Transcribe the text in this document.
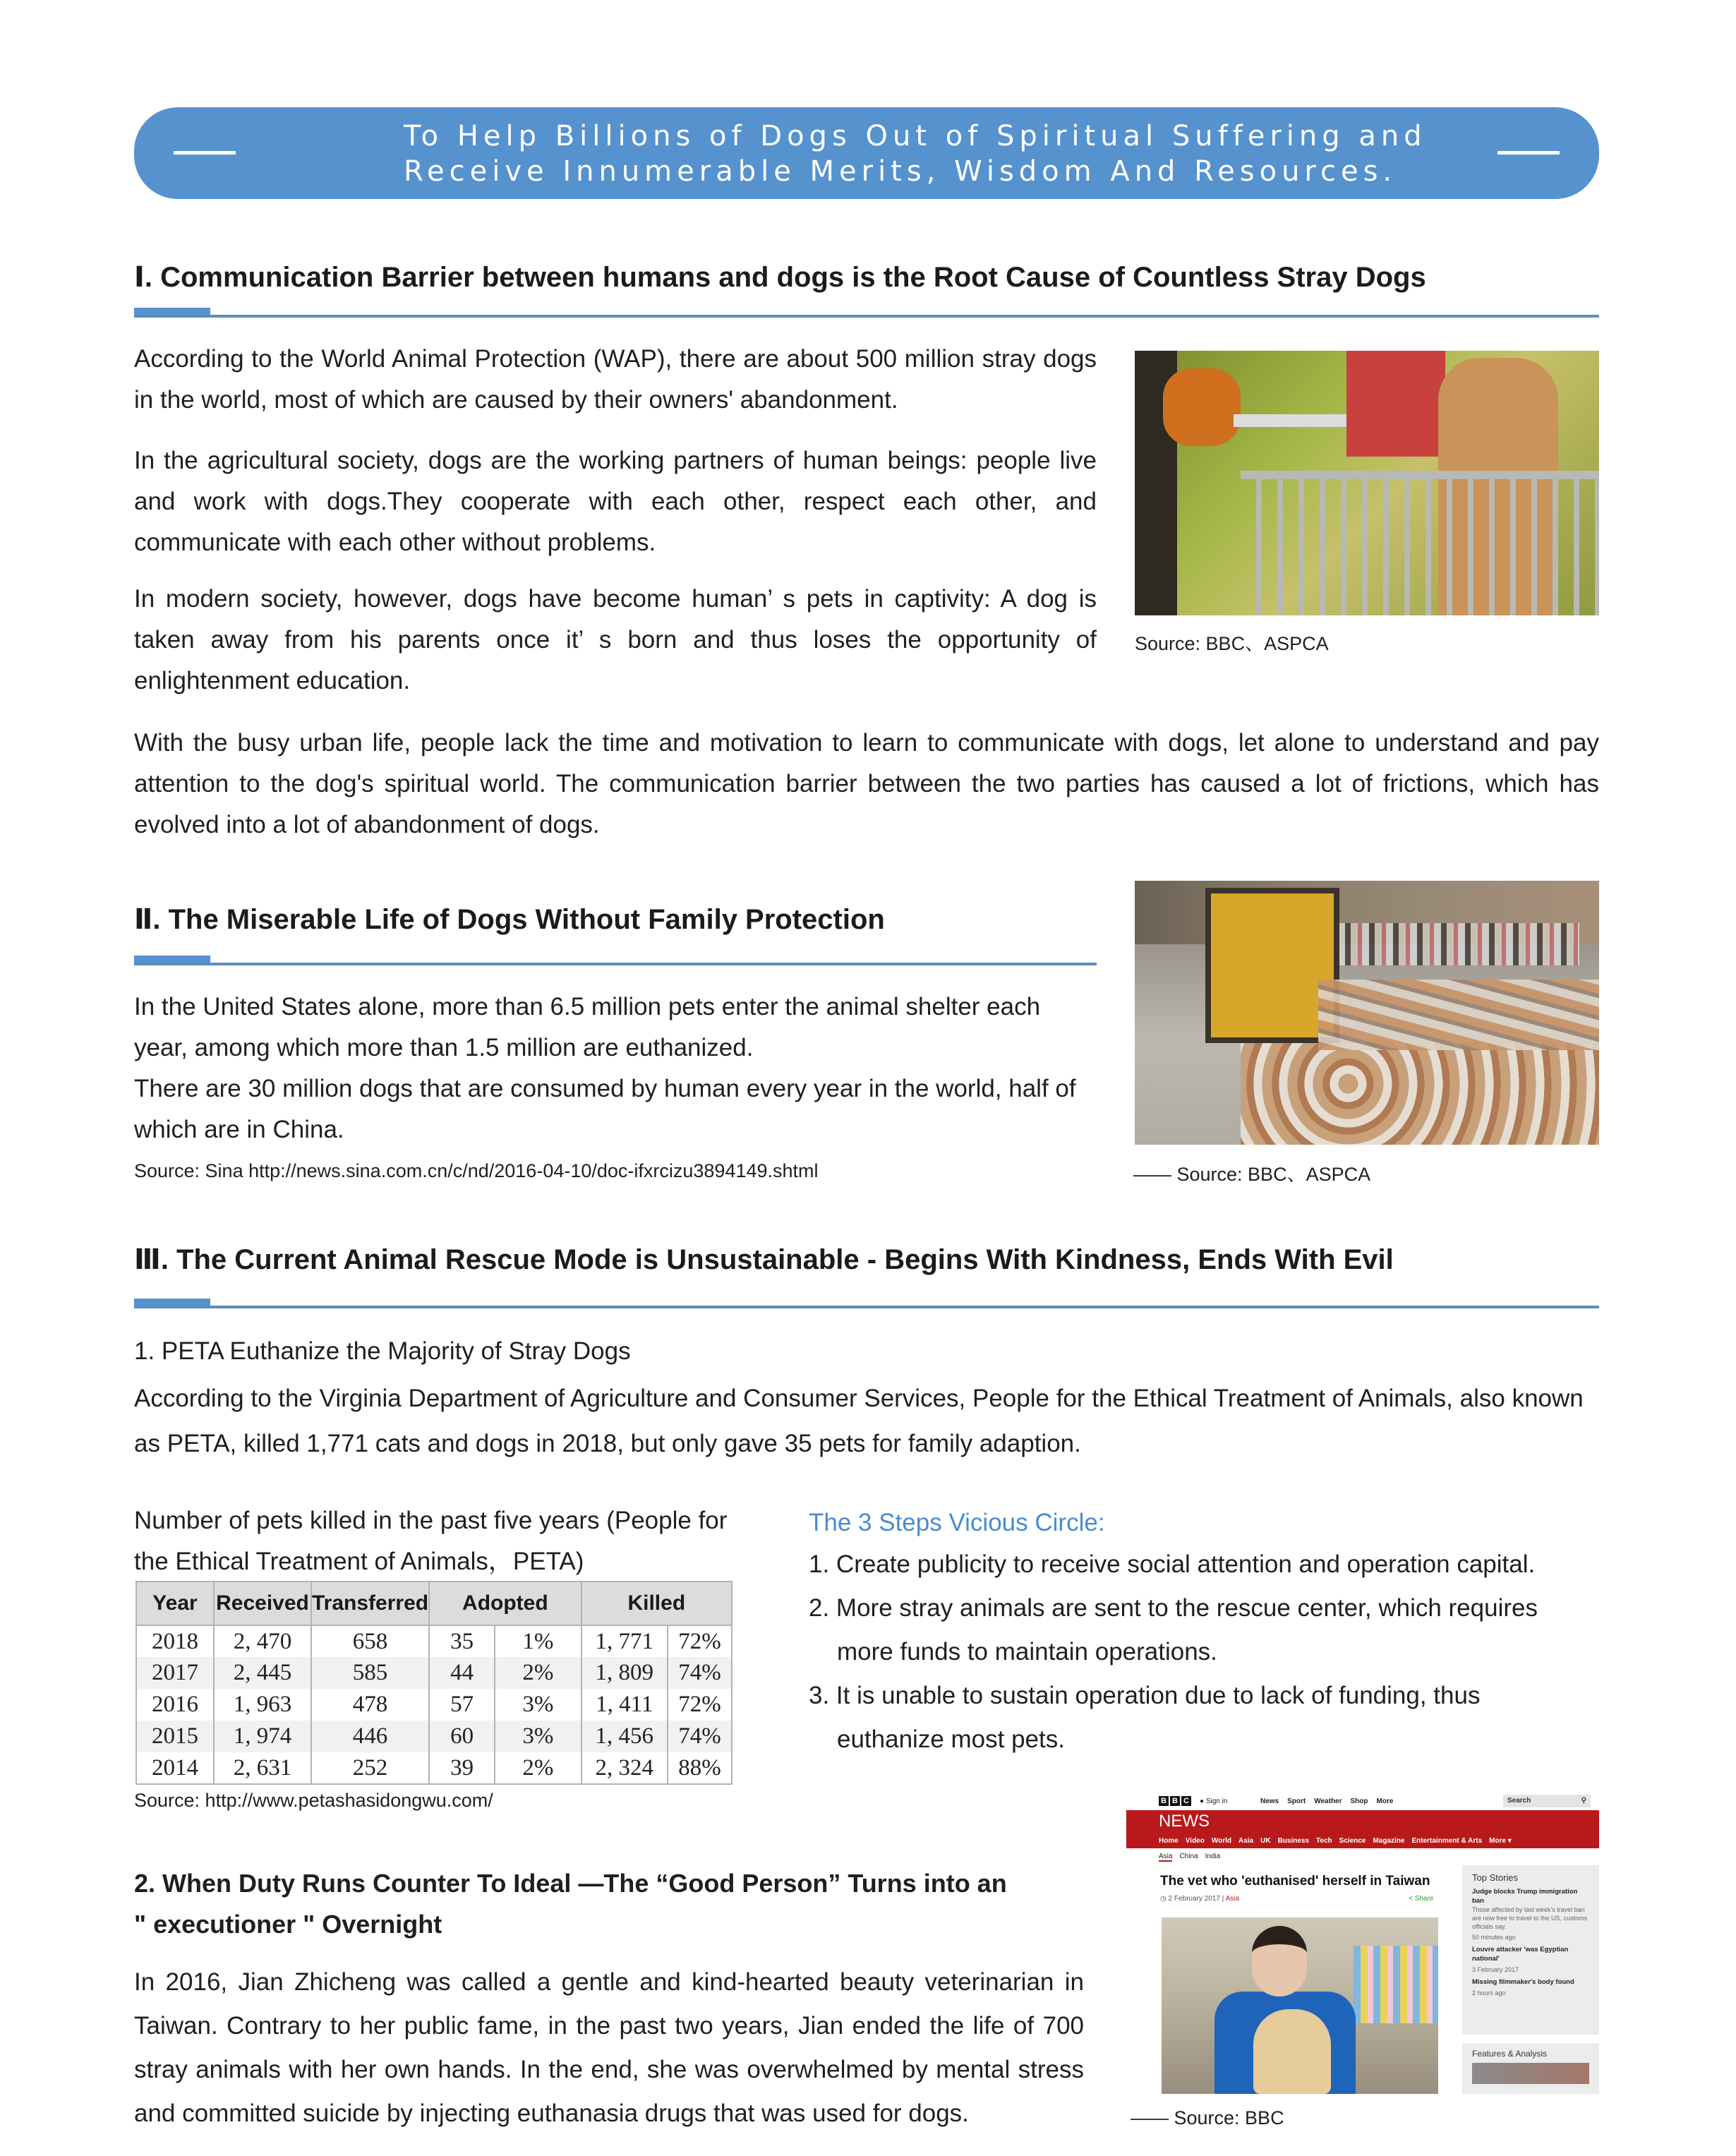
To Help Billions of Dogs Out of Spiritual Suffering and
Receive Innumerable Merits, Wisdom And Resources.
Ⅰ. Communication Barrier between humans and dogs is the Root Cause of Countless Stray Dogs

According to the World Animal Protection (WAP), there are about 500 million stray dogs in the world, most of which are caused by their owners' abandonment.

In the agricultural society, dogs are the working partners of human beings: people live and work with dogs.They cooperate with each other, respect each other, and communicate with each other without problems.

In modern society, however, dogs have become human’ s pets in captivity: A dog is taken away from his parents once it’ s born and thus loses the opportunity of enlightenment education.

Source: BBC、ASPCA

With the busy urban life, people lack the time and motivation to learn to communicate with dogs, let alone to understand and pay attention to the dog's spiritual world. The communication barrier between the two parties has caused a lot of frictions, which has evolved into a lot of abandonment of dogs.

Ⅱ. The Miserable Life of Dogs Without Family Protection

In the United States alone, more than 6.5 million pets enter the animal shelter each year, among which more than 1.5 million are euthanized.

There are 30 million dogs that are consumed by human every year in the world, half of which are in China.

Source: Sina http://news.sina.com.cn/c/nd/2016-04-10/doc-ifxrcizu3894149.shtml	—— Source: BBC、ASPCA
Ⅲ. The Current Animal Rescue Mode is Unsustainable - Begins With Kindness, Ends With Evil
1. PETA Euthanize the Majority of Stray Dogs

According to the Virginia Department of Agriculture and Consumer Services, People for the Ethical Treatment of Animals, also known as PETA, killed 1,771 cats and dogs in 2018, but only gave 35 pets for family adaption.

Number of pets killed in the past five years (People for the Ethical Treatment of Animals，PETA)

Year	Received	Transferred	Adopted		Killed	
2018	2, 470	658	35	1%	1, 771	72%
2017	2, 445	585	44	2%	1, 809	74%
2016	1, 963	478	57	3%	1, 411	72%
2015	1, 974	446	60	3%	1, 456	74%
2014	2, 631	252	39	2%	2, 324	88%
Source: http://www.petashasidongwu.com/
The 3 Steps Vicious Circle:
1. Create publicity to receive social attention and operation capital.
2. More stray animals are sent to the rescue center, which requires
more funds to maintain operations.
3. It is unable to sustain operation due to lack of funding, thus
euthanize most pets.
2. When Duty Runs Counter To Ideal —The “Good Person” Turns into an
" executioner " Overnight

In 2016, Jian Zhicheng was called a gentle and kind-hearted beauty veterinarian in Taiwan. Contrary to her public fame, in the past two years, Jian ended the life of 700 stray animals with her own hands. In the end, she was overwhelmed by mental stress and committed suicide by injecting euthanasia drugs that was used for dogs.

B B C	● Sign in	News Sport Weather Shop More	Search	⚲
NEWS
Home Video World Asia UK Business Tech Science Magazine Entertainment & Arts More ▾
Asia China India
The vet who 'euthanised' herself in Taiwan
◷ 2 February 2017 | Asia	< Share
Top Stories
Judge blocks Trump immigration ban
Those affected by last week's travel ban are now free to travel to the US, customs officials say.
50 minutes ago
Louvre attacker 'was Egyptian national'
3 February 2017
Missing filmmaker's body found
2 hours ago
Features & Analysis
—— Source: BBC
